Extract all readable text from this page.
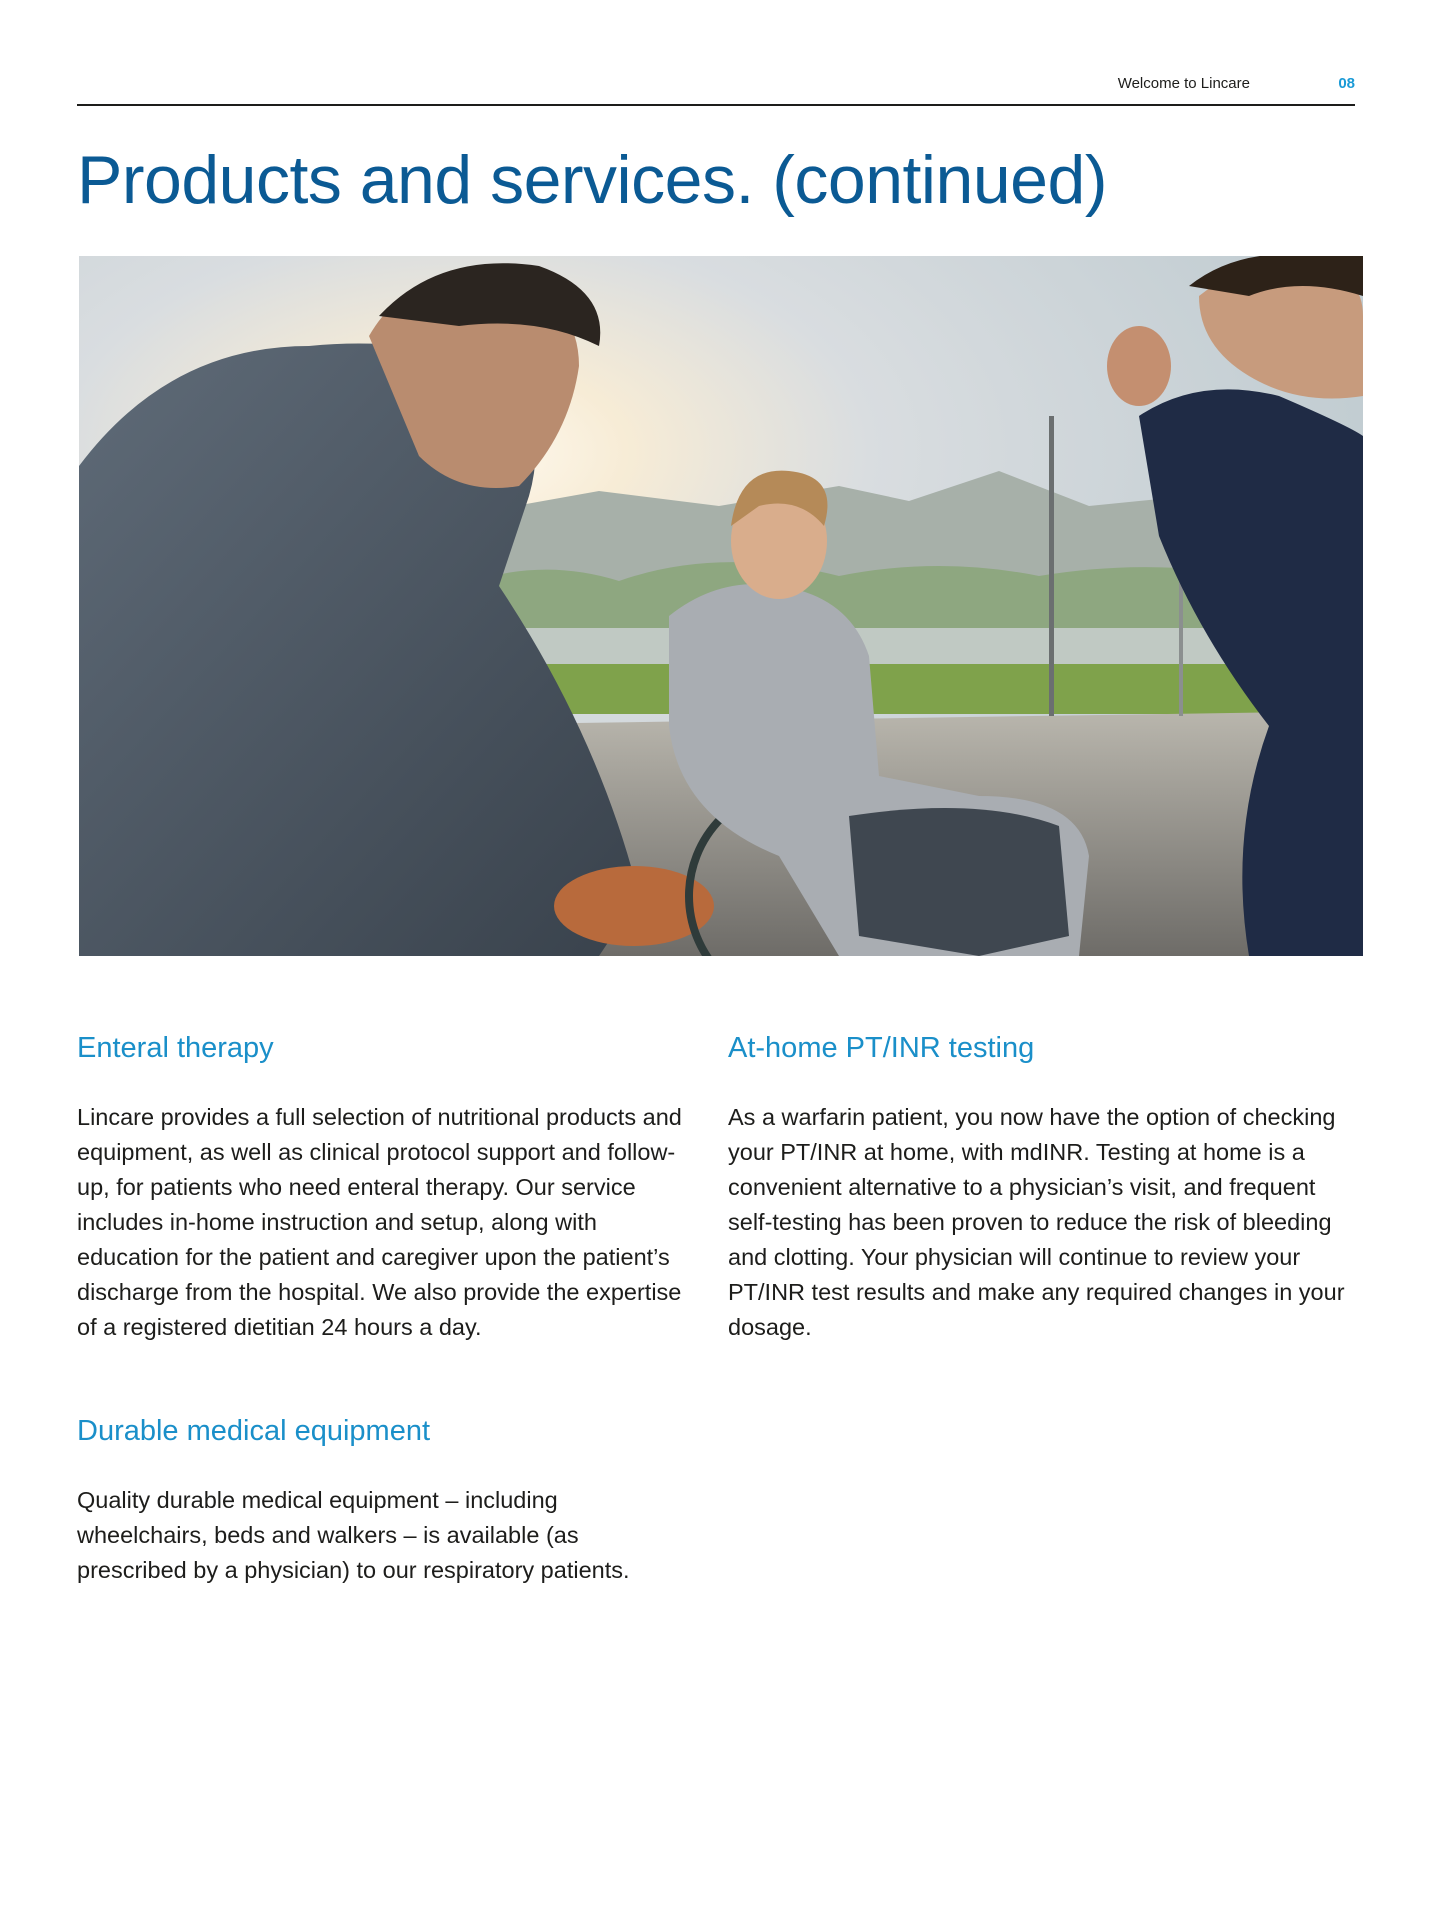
Welcome to Lincare	08
Products and services. (continued)
Enteral therapy

Lincare provides a full selection of nutritional products and equipment, as well as clinical protocol support and follow-up, for patients who need enteral therapy. Our service includes in-home instruction and setup, along with education for the patient and caregiver upon the patient’s discharge from the hospital. We also provide the expertise of a registered dietitian 24 hours a day.

At-home PT/INR testing

As a warfarin patient, you now have the option of checking your PT/INR at home, with mdINR. Testing at home is a convenient alternative to a physician’s visit, and frequent self-testing has been proven to reduce the risk of bleeding and clotting. Your physician will continue to review your PT/INR test results and make any required changes in your dosage.

Durable medical equipment

Quality durable medical equipment – including wheelchairs, beds and walkers – is available (as prescribed by a physician) to our respiratory patients.
